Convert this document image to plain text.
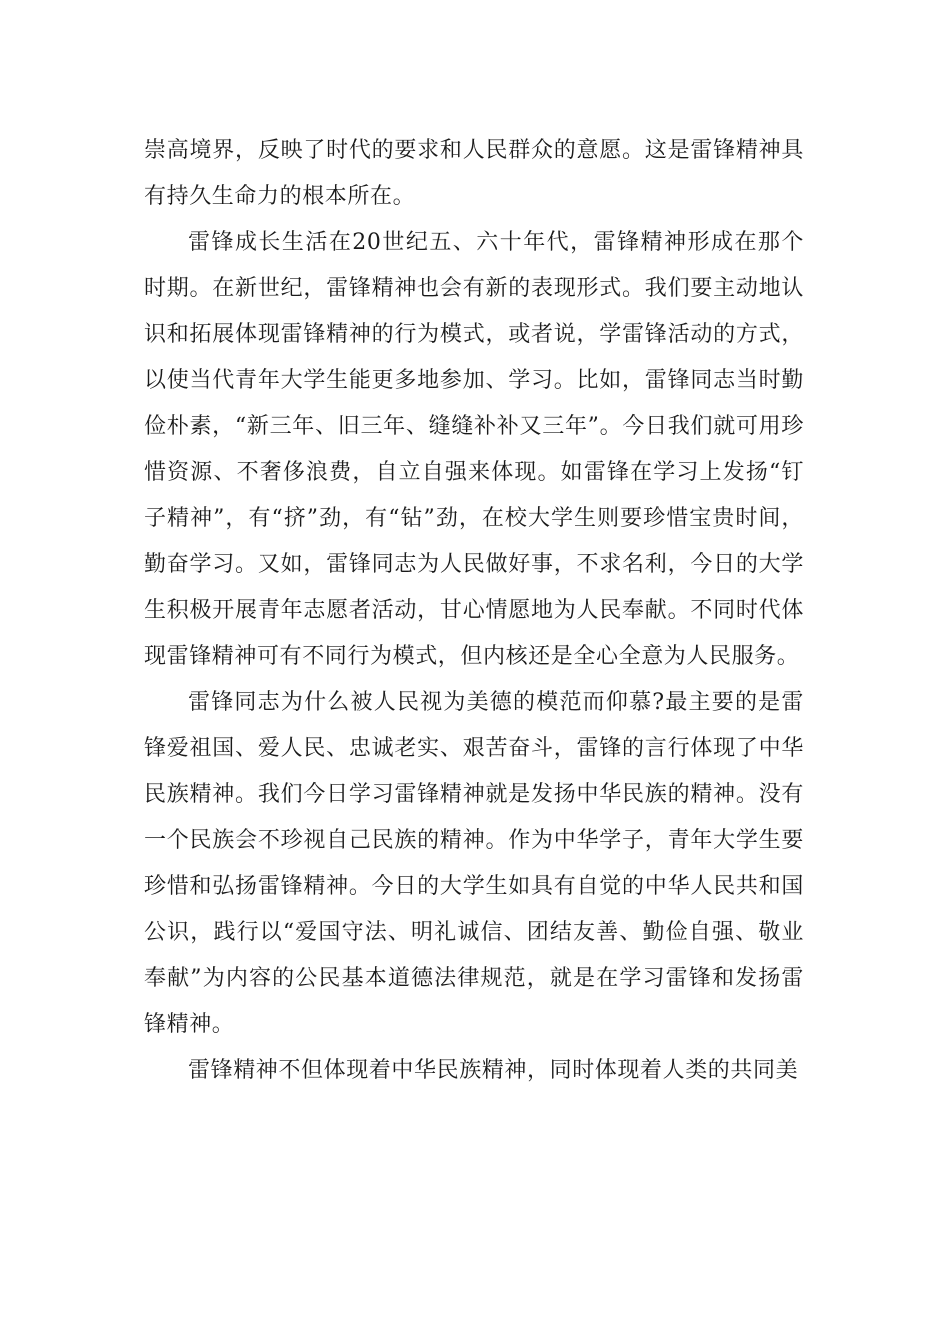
崇高境界，反映了时代的要求和人民群众的意愿。这是雷锋精神具有持久生命力的根本所在。

雷锋成长生活在20世纪五、六十年代，雷锋精神形成在那个时期。在新世纪，雷锋精神也会有新的表现形式。我们要主动地认识和拓展体现雷锋精神的行为模式，或者说，学雷锋活动的方式，以使当代青年大学生能更多地参加、学习。比如，雷锋同志当时勤俭朴素，“新三年、旧三年、缝缝补补又三年”。今日我们就可用珍惜资源、不奢侈浪费，自立自强来体现。如雷锋在学习上发扬“钉子精神”，有“挤”劲，有“钻”劲，在校大学生则要珍惜宝贵时间，勤奋学习。又如，雷锋同志为人民做好事，不求名利，今日的大学生积极开展青年志愿者活动，甘心情愿地为人民奉献。不同时代体现雷锋精神可有不同行为模式，但内核还是全心全意为人民服务。

雷锋同志为什么被人民视为美德的模范而仰慕?最主要的是雷锋爱祖国、爱人民、忠诚老实、艰苦奋斗，雷锋的言行体现了中华民族精神。我们今日学习雷锋精神就是发扬中华民族的精神。没有一个民族会不珍视自己民族的精神。作为中华学子，青年大学生要珍惜和弘扬雷锋精神。今日的大学生如具有自觉的中华人民共和国公识，践行以“爱国守法、明礼诚信、团结友善、勤俭自强、敬业奉献”为内容的公民基本道德法律规范，就是在学习雷锋和发扬雷锋精神。

雷锋精神不但体现着中华民族精神，同时体现着人类的共同美
